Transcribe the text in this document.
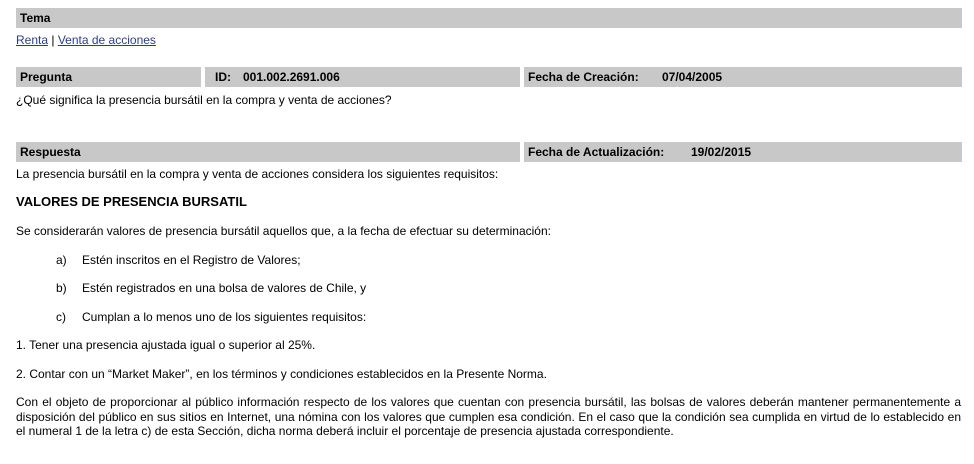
Tema
Renta | Venta de acciones
Pregunta	ID: 001.002.2691.006	Fecha de Creación: 07/04/2005
¿Qué significa la presencia bursátil en la compra y venta de acciones?
Respuesta	Fecha de Actualización: 19/02/2015
La presencia bursátil en la compra y venta de acciones considera los siguientes requisitos:
VALORES DE PRESENCIA BURSATIL
Se considerarán valores de presencia bursátil aquellos que, a la fecha de efectuar su determinación:
a) Estén inscritos en el Registro de Valores;
b) Estén registrados en una bolsa de valores de Chile, y
c) Cumplan a lo menos uno de los siguientes requisitos:
1. Tener una presencia ajustada igual o superior al 25%.
2. Contar con un “Market Maker”, en los términos y condiciones establecidos en la Presente Norma.
Con el objeto de proporcionar al público información respecto de los valores que cuentan con presencia bursátil, las bolsas de valores deberán mantener permanentemente a disposición del público en sus sitios en Internet, una nómina con los valores que cumplen esa condición. En el caso que la condición sea cumplida en virtud de lo establecido en el numeral 1 de la letra c) de esta Sección, dicha norma deberá incluir el porcentaje de presencia ajustada correspondiente.
